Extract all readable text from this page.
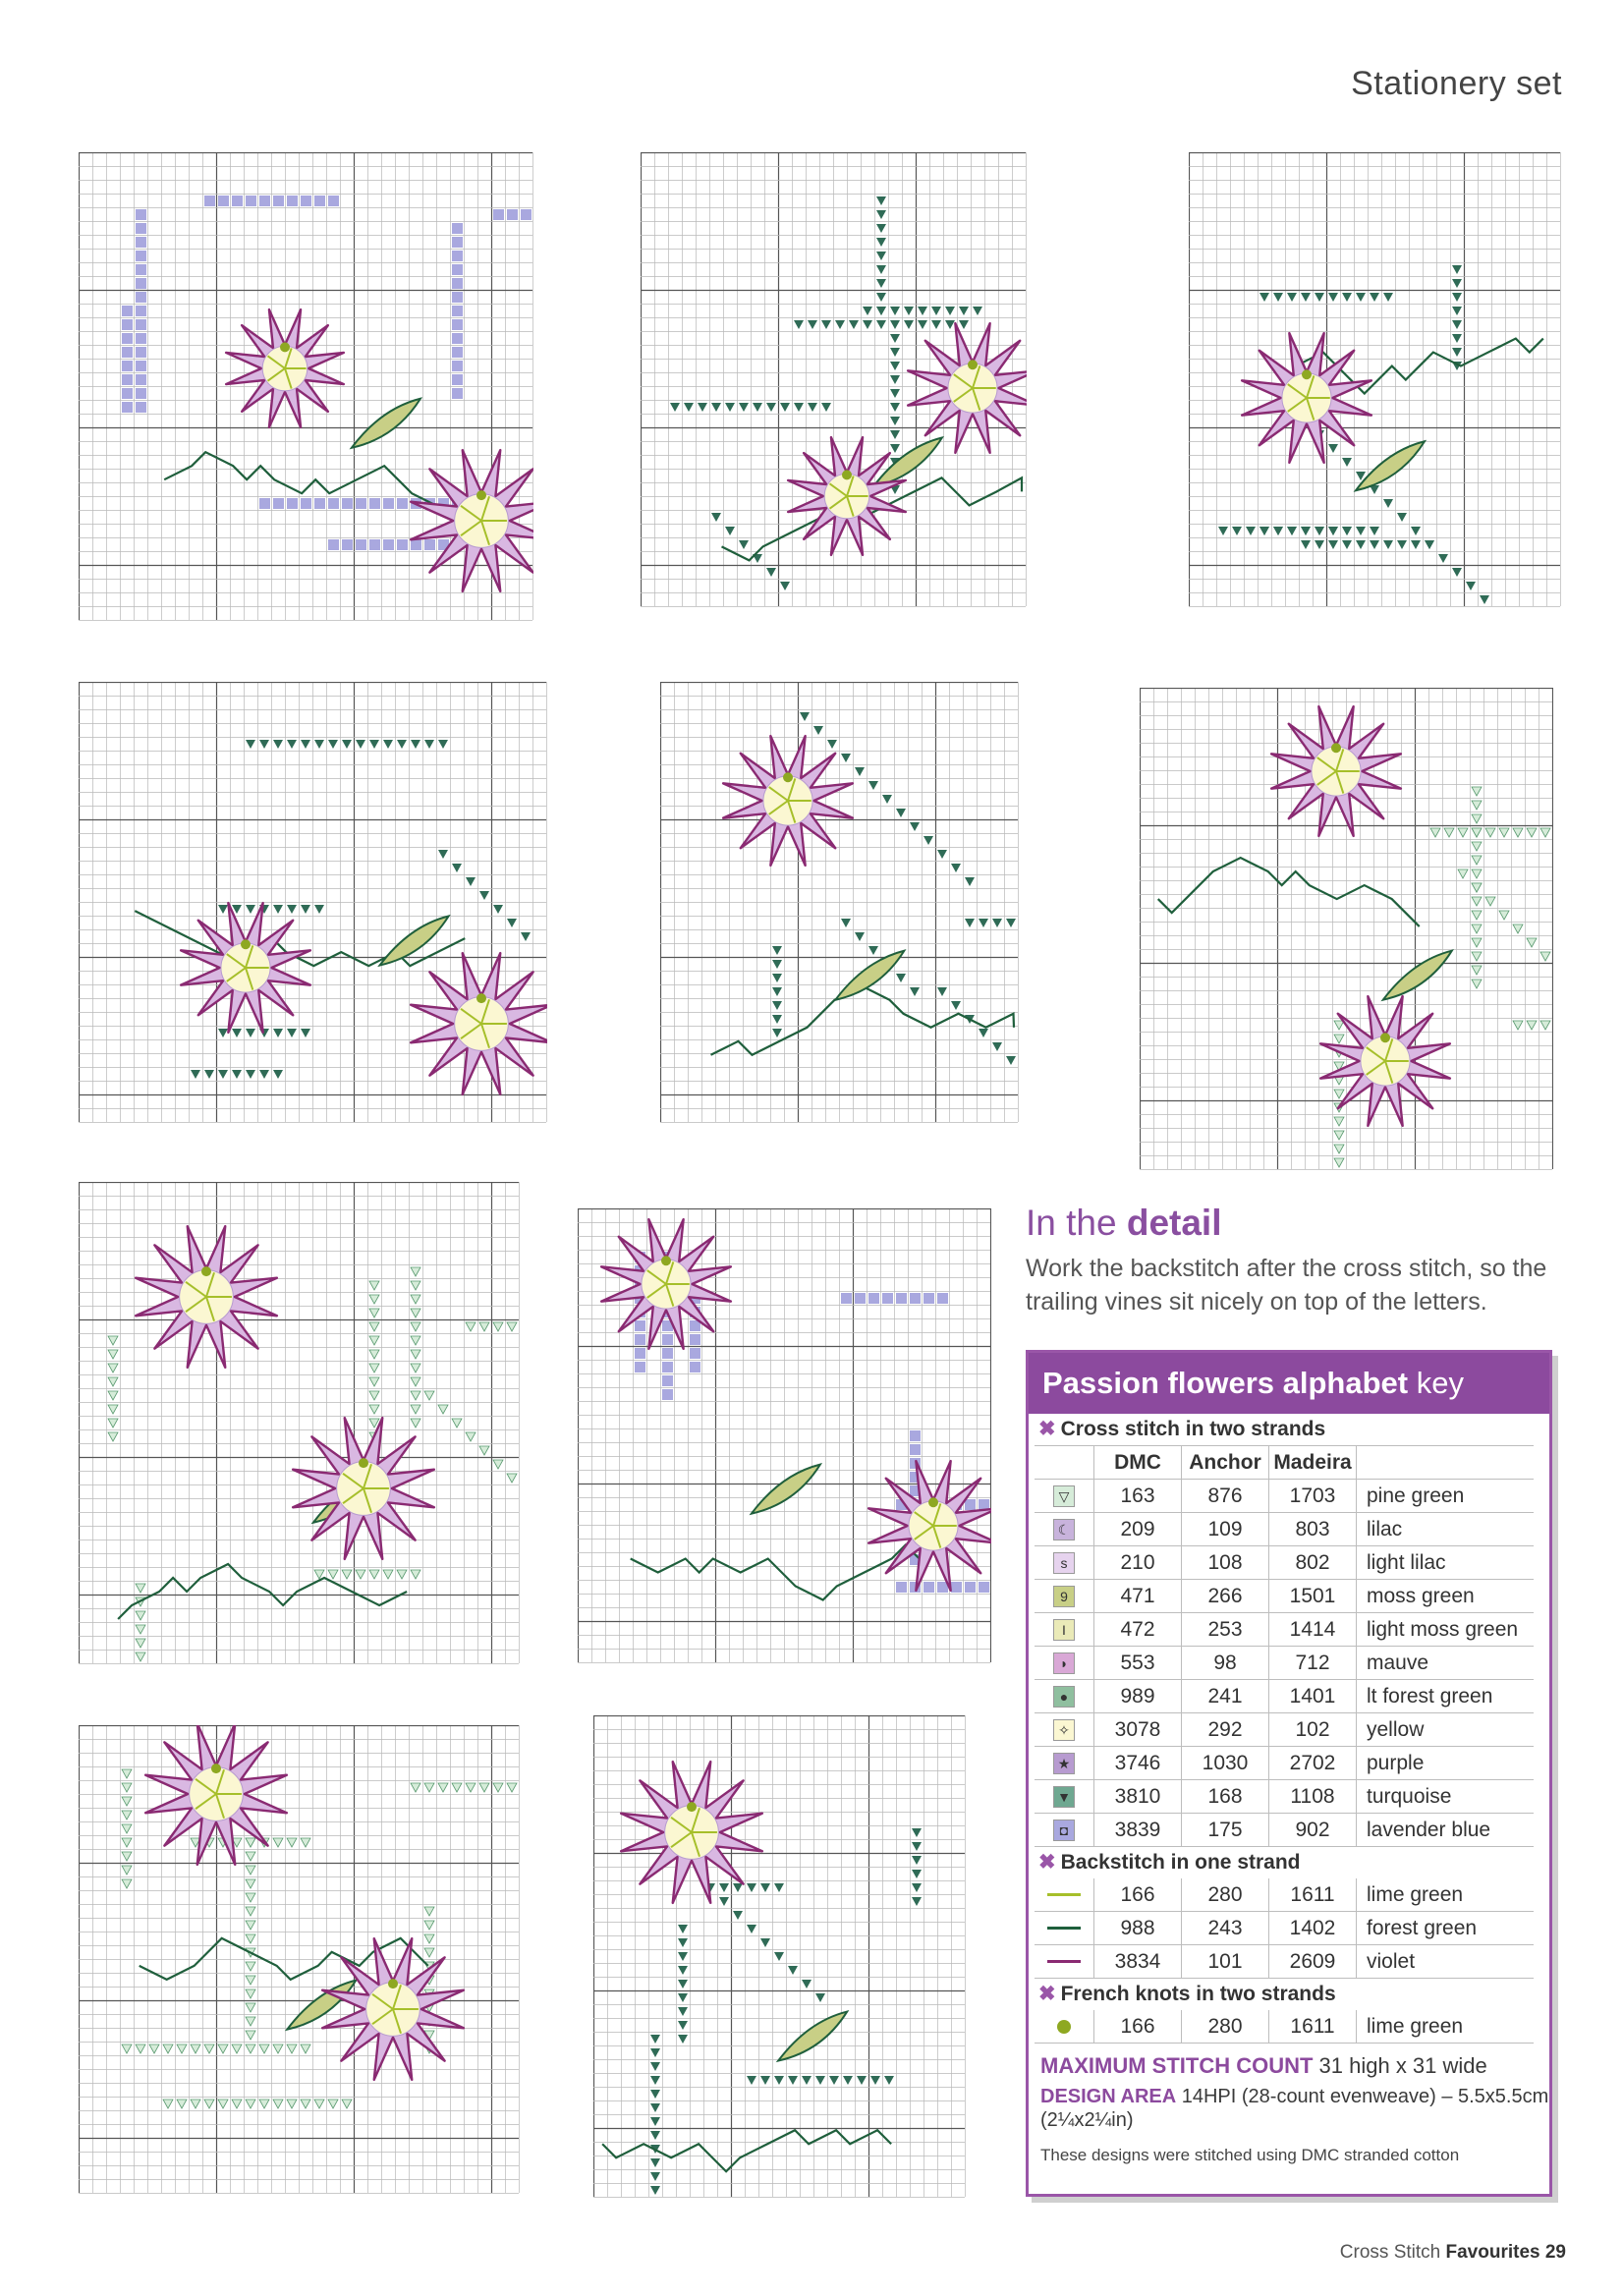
Stationery set
In the detail

Work the backstitch after the cross stitch, so the trailing vines sit nicely on top of the letters.

Passion flowers alphabet key
✖ Cross stitch in two strands
	DMC	Anchor	Madeira	
▽	163	876	1703	pine green
☾	209	109	803	lilac
s	210	108	802	light lilac
9	471	266	1501	moss green
I	472	253	1414	light moss green
◗	553	98	712	mauve
●	989	241	1401	lt forest green
✧	3078	292	102	yellow
★	3746	1030	2702	purple
▼	3810	168	1108	turquoise
◘	3839	175	902	lavender blue
✖ Backstitch in one strand
	166	280	1611	lime green
	988	243	1402	forest green
	3834	101	2609	violet
✖ French knots in two strands
	166	280	1611	lime green
MAXIMUM STITCH COUNT 31 high x 31 wide
DESIGN AREA 14HPI (28-count evenweave) – 5.5x5.5cm (2¼x2¼in)
These designs were stitched using DMC stranded cotton
Cross Stitch Favourites 29
